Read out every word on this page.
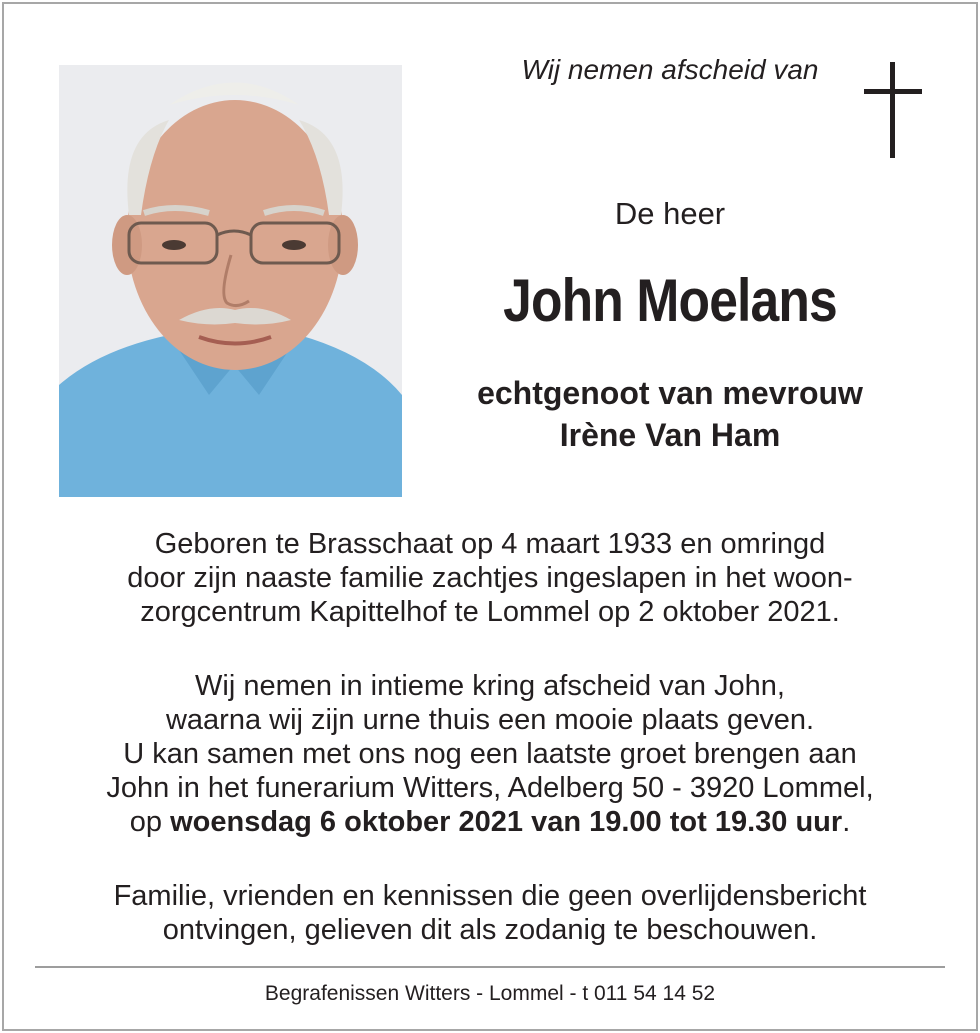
Wij nemen afscheid van
De heer
John Moelans
echtgenoot van mevrouw
Irène Van Ham
Geboren te Brasschaat op 4 maart 1933 en omringd
door zijn naaste familie zachtjes ingeslapen in het woon-
zorgcentrum Kapittelhof te Lommel op 2 oktober 2021.
Wij nemen in intieme kring afscheid van John,
waarna wij zijn urne thuis een mooie plaats geven.
U kan samen met ons nog een laatste groet brengen aan
John in het funerarium Witters, Adelberg 50 - 3920 Lommel,
op woensdag 6 oktober 2021 van 19.00 tot 19.30 uur.
Familie, vrienden en kennissen die geen overlijdensbericht
ontvingen, gelieven dit als zodanig te beschouwen.
Begrafenissen Witters - Lommel - t 011 54 14 52
